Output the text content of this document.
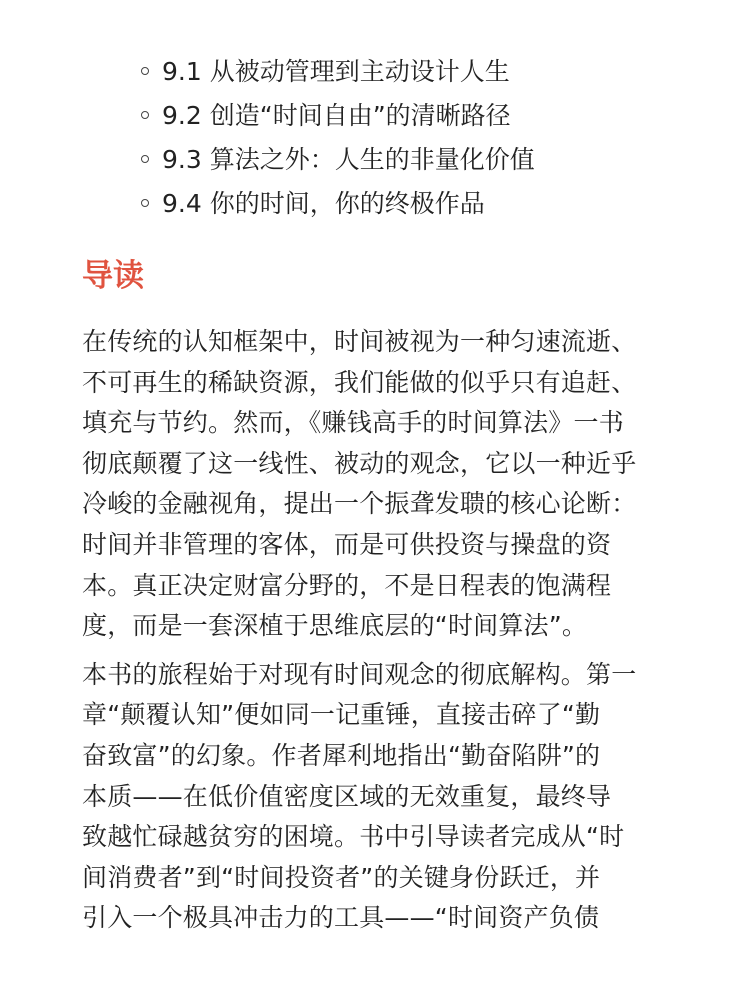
9.1 从被动管理到主动设计人生
9.2 创造“时间自由”的清晰路径
9.3 算法之外：人生的非量化价值
9.4 你的时间，你的终极作品
导读

在传统的认知框架中，时间被视为一种匀速流逝、
不可再生的稀缺资源，我们能做的似乎只有追赶、
填充与节约。然而，《赚钱高手的时间算法》一书
彻底颠覆了这一线性、被动的观念，它以一种近乎
冷峻的金融视角，提出一个振聋发聩的核心论断：
时间并非管理的客体，而是可供投资与操盘的资
本。真正决定财富分野的，不是日程表的饱满程
度，而是一套深植于思维底层的“时间算法”。

本书的旅程始于对现有时间观念的彻底解构。第一
章“颠覆认知”便如同一记重锤，直接击碎了“勤
奋致富”的幻象。作者犀利地指出“勤奋陷阱”的
本质——在低价值密度区域的无效重复，最终导
致越忙碌越贫穷的困境。书中引导读者完成从“时
间消费者”到“时间投资者”的关键身份跃迁，并
引入一个极具冲击力的工具——“时间资产负债
